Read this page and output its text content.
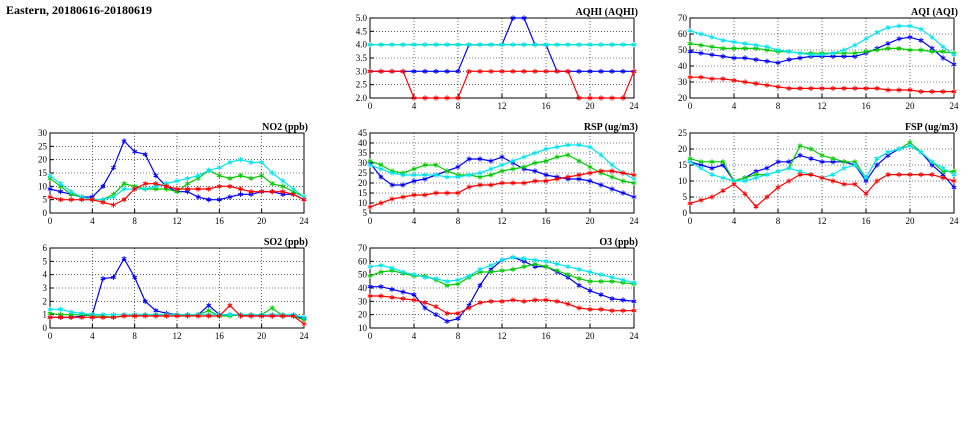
Eastern, 20180616-20180619
2.0
2.5
3.0
3.5
4.0
4.5
5.0
0	4	8	12	16	20	24
AQHI (AQHI)
20
30
40
50
60
70
0	4	8	12	16	20	24
AQI (AQI)
0
5
10
15
20
25
30
0	4	8	12	16	20	24
NO2 (ppb)
5
10
15
20
25
30
35
40
45
0	4	8	12	16	20	24
RSP (ug/m3)
0
5
10
15
20
25
0	4	8	12	16	20	24
FSP (ug/m3)
0
1
2
3
4
5
6
0	4	8	12	16	20	24
SO2 (ppb)
10
20
30
40
50
60
70
0	4	8	12	16	20	24
O3 (ppb)
